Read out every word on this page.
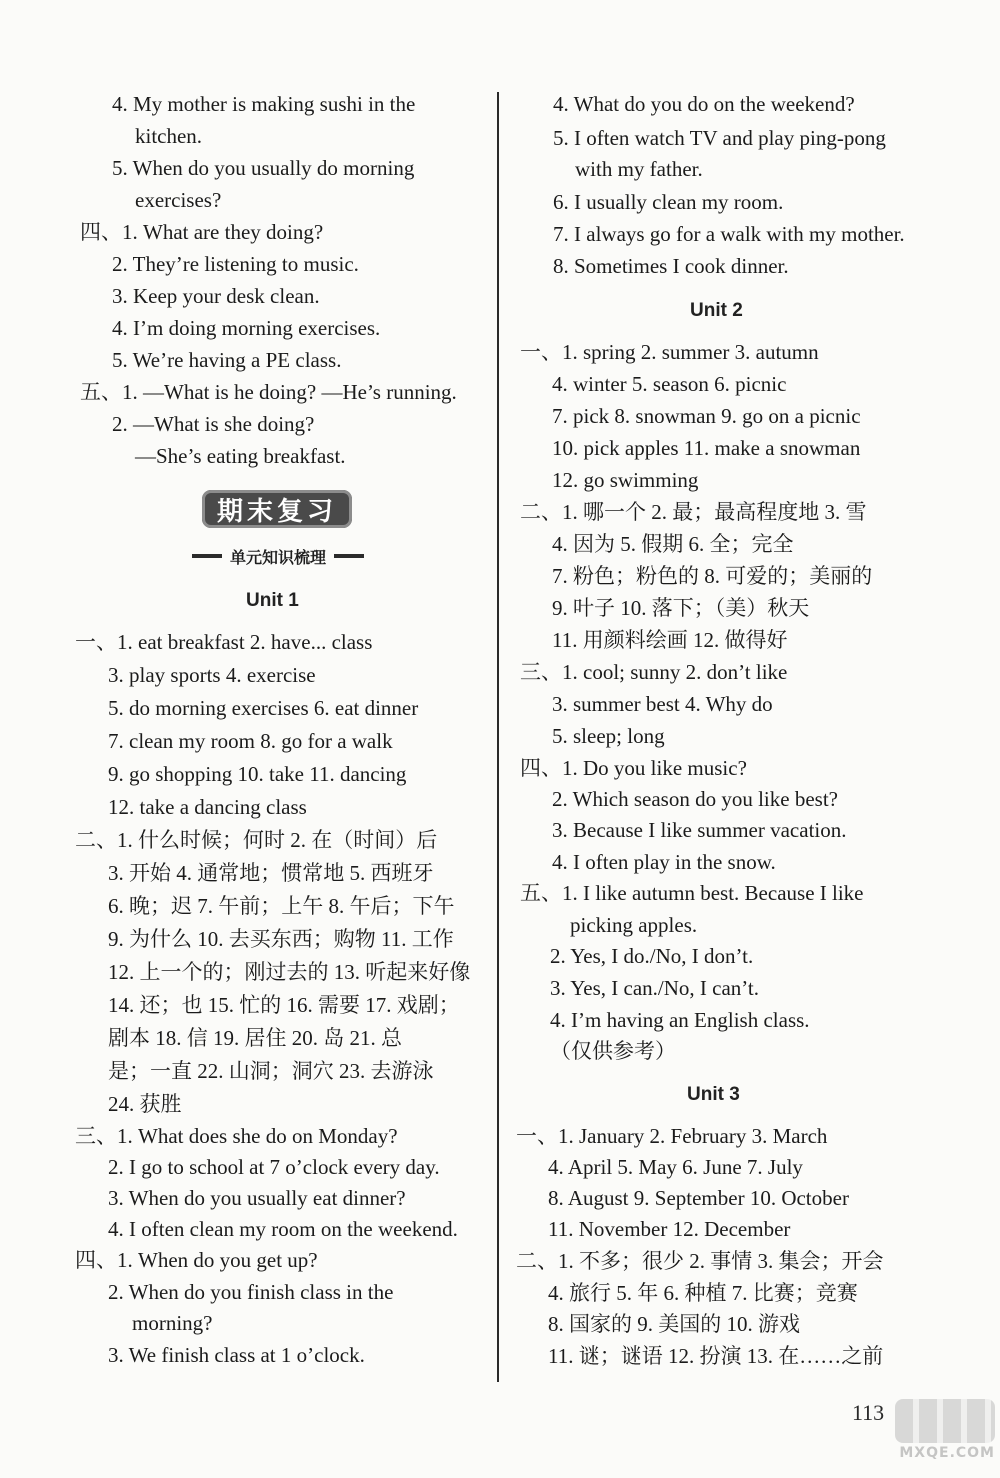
4. My mother is making sushi in the
kitchen.
5. When do you usually do morning
exercises?
四、1. What are they doing?
2. They’re listening to music.
3. Keep your desk clean.
4. I’m doing morning exercises.
5. We’re having a PE class.
五、1. —What is he doing? —He’s running.
2. —What is she doing?
—She’s eating breakfast.
期末复习
单元知识梳理
Unit 1
一、1. eat breakfast 2. have... class
3. play sports 4. exercise
5. do morning exercises 6. eat dinner
7. clean my room 8. go for a walk
9. go shopping 10. take 11. dancing
12. take a dancing class
二、1. 什么时候；何时 2. 在（时间）后
3. 开始 4. 通常地；惯常地 5. 西班牙
6. 晚；迟 7. 午前；上午 8. 午后；下午
9. 为什么 10. 去买东西；购物 11. 工作
12. 上一个的；刚过去的 13. 听起来好像
14. 还；也 15. 忙的 16. 需要 17. 戏剧；
剧本 18. 信 19. 居住 20. 岛 21. 总
是；一直 22. 山洞；洞穴 23. 去游泳
24. 获胜
三、1. What does she do on Monday?
2. I go to school at 7 o’clock every day.
3. When do you usually eat dinner?
4. I often clean my room on the weekend.
四、1. When do you get up?
2. When do you finish class in the
morning?
3. We finish class at 1 o’clock.
4. What do you do on the weekend?
5. I often watch TV and play ping-pong
with my father.
6. I usually clean my room.
7. I always go for a walk with my mother.
8. Sometimes I cook dinner.
Unit 2
一、1. spring 2. summer 3. autumn
4. winter 5. season 6. picnic
7. pick 8. snowman 9. go on a picnic
10. pick apples 11. make a snowman
12. go swimming
二、1. 哪一个 2. 最；最高程度地 3. 雪
4. 因为 5. 假期 6. 全；完全
7. 粉色；粉色的 8. 可爱的；美丽的
9. 叶子 10. 落下；（美）秋天
11. 用颜料绘画 12. 做得好
三、1. cool; sunny 2. don’t like
3. summer best 4. Why do
5. sleep; long
四、1. Do you like music?
2. Which season do you like best?
3. Because I like summer vacation.
4. I often play in the snow.
五、1. I like autumn best. Because I like
picking apples.
2. Yes, I do./No, I don’t.
3. Yes, I can./No, I can’t.
4. I’m having an English class.
（仅供参考）
Unit 3
一、1. January 2. February 3. March
4. April 5. May 6. June 7. July
8. August 9. September 10. October
11. November 12. December
二、1. 不多；很少 2. 事情 3. 集会；开会
4. 旅行 5. 年 6. 种植 7. 比赛；竞赛
8. 国家的 9. 美国的 10. 游戏
11. 谜；谜语 12. 扮演 13. 在……之前
113
MXQE.COM
